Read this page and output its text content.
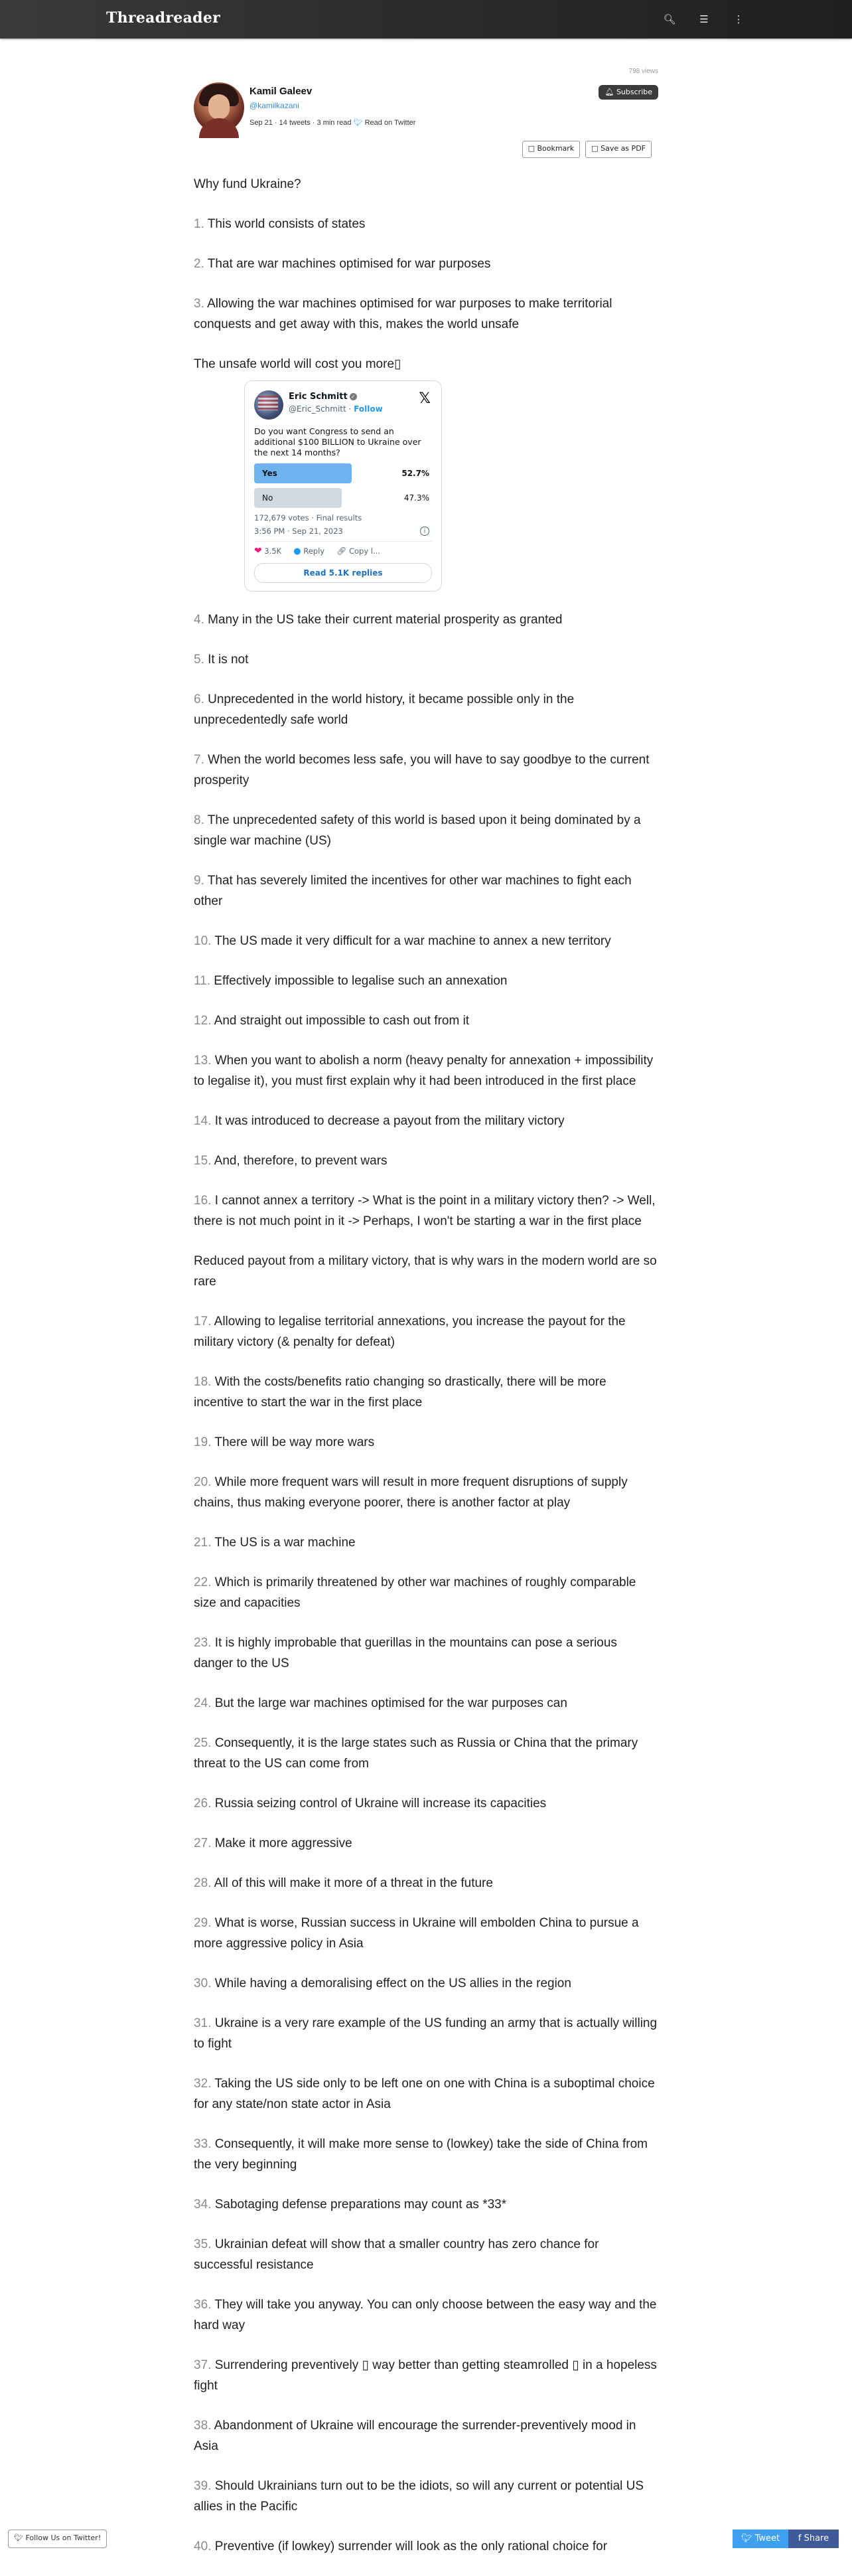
Threadreader	🔍︎ ☰	⋮
Kamil Galeev
@kamilkazani
Sep 21 · 14 tweets · 3 min read 🐦︎ Read on Twitter
798 views
🔔︎ Subscribe
□ Bookmark	□ Save as PDF

Why fund Ukraine?

1. This world consists of states

2. That are war machines optimised for war purposes

3. Allowing the war machines optimised for war purposes to make territorial conquests and get away with this, makes the world unsafe

The unsafe world will cost you more▯

Eric Schmitt ✓
@Eric_Schmitt · Follow
𝕏
Do you want Congress to send an additional $100 BILLION to Ukraine over the next 14 months?
Yes	52.7%
No	47.3%
172,679 votes · Final results
3:56 PM · Sep 21, 2023	i
❤ 3.5K ● Reply 🔗︎ Copy l...
Read 5.1K replies

4. Many in the US take their current material prosperity as granted

5. It is not

6. Unprecedented in the world history, it became possible only in the unprecedentedly safe world

7. When the world becomes less safe, you will have to say goodbye to the current prosperity

8. The unprecedented safety of this world is based upon it being dominated by a single war machine (US)

9. That has severely limited the incentives for other war machines to fight each other

10. The US made it very difficult for a war machine to annex a new territory

11. Effectively impossible to legalise such an annexation

12. And straight out impossible to cash out from it

13. When you want to abolish a norm (heavy penalty for annexation + impossibility to legalise it), you must first explain why it had been introduced in the first place

14. It was introduced to decrease a payout from the military victory

15. And, therefore, to prevent wars

16. I cannot annex a territory -> What is the point in a military victory then? -> Well, there is not much point in it -> Perhaps, I won't be starting a war in the first place

Reduced payout from a military victory, that is why wars in the modern world are so rare

17. Allowing to legalise territorial annexations, you increase the payout for the military victory (& penalty for defeat)

18. With the costs/benefits ratio changing so drastically, there will be more incentive to start the war in the first place

19. There will be way more wars

20. While more frequent wars will result in more frequent disruptions of supply chains, thus making everyone poorer, there is another factor at play

21. The US is a war machine

22. Which is primarily threatened by other war machines of roughly comparable size and capacities

23. It is highly improbable that guerillas in the mountains can pose a serious danger to the US

24. But the large war machines optimised for the war purposes can

25. Consequently, it is the large states such as Russia or China that the primary threat to the US can come from

26. Russia seizing control of Ukraine will increase its capacities

27. Make it more aggressive

28. All of this will make it more of a threat in the future

29. What is worse, Russian success in Ukraine will embolden China to pursue a more aggressive policy in Asia

30. While having a demoralising effect on the US allies in the region

31. Ukraine is a very rare example of the US funding an army that is actually willing to fight

32. Taking the US side only to be left one on one with China is a suboptimal choice for any state/non state actor in Asia

33. Consequently, it will make more sense to (lowkey) take the side of China from the very beginning

34. Sabotaging defense preparations may count as *33*

35. Ukrainian defeat will show that a smaller country has zero chance for successful resistance

36. They will take you anyway. You can only choose between the easy way and the hard way

37. Surrendering preventively ▯ way better than getting steamrolled ▯ in a hopeless fight

38. Abandonment of Ukraine will encourage the surrender-preventively mood in Asia

39. Should Ukrainians turn out to be the idiots, so will any current or potential US allies in the Pacific

40. Preventive (if lowkey) surrender will look as the only rational choice for

🐦︎ Follow Us on Twitter!	🐦︎ Tweet	f Share
